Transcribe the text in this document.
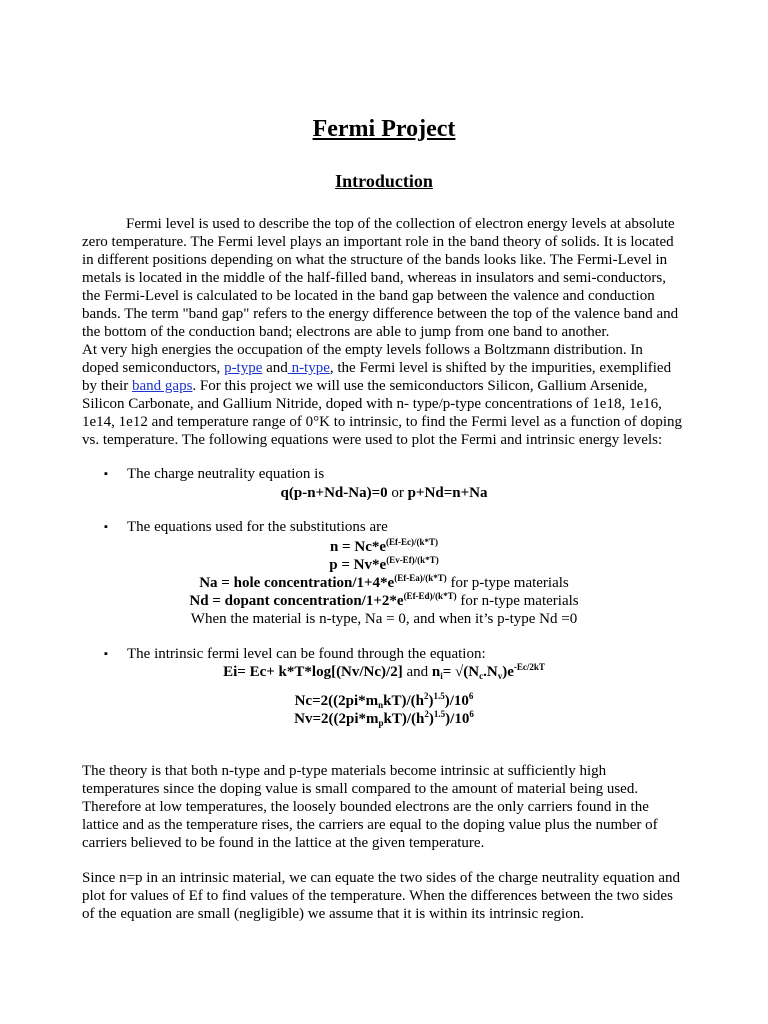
Fermi Project
Introduction

Fermi level is used to describe the top of the collection of electron energy levels at absolute

zero temperature. The Fermi level plays an important role in the band theory of solids. It is located

in different positions depending on what the structure of the bands looks like. The Fermi-Level in

metals is located in the middle of the half-filled band, whereas in insulators and semi-conductors,

the Fermi-Level is calculated to be located in the band gap between the valence and conduction

bands. The term "band gap" refers to the energy difference between the top of the valence band and

the bottom of the conduction band; electrons are able to jump from one band to another.

At very high energies the occupation of the empty levels follows a Boltzmann distribution. In

doped semiconductors, p-type and n-type, the Fermi level is shifted by the impurities, exemplified

by their band gaps. For this project we will use the semiconductors Silicon, Gallium Arsenide,

Silicon Carbonate, and Gallium Nitride, doped with n- type/p-type concentrations of 1e18, 1e16,

1e14, 1e12 and temperature range of 0°K to intrinsic, to find the Fermi level as a function of doping

vs. temperature. The following equations were used to plot the Fermi and intrinsic energy levels:

▪ The charge neutrality equation is

q(p-n+Nd-Na)=0 or p+Nd=n+Na

▪ The equations used for the substitutions are

$n = Nc*e^{(Ef-Ec)/(k*T)}$

$p = Nv*e^{(Ev-Ef)/(k*T)}$

Na = hole concentration/$1+4*e^{(Ef-Ea)/(k*T)}$ for p-type materials

Nd = dopant concentration/$1+2*e^{(Ef-Ed)/(k*T)}$ for n-type materials

When the material is n-type, Na = 0, and when it’s p-type Nd =0

▪ The intrinsic fermi level can be found through the equation:

Ei= Ec+ k*T*log[(Nv/Nc)/2] and $n_i= √(N_c.N_v)e^{-Ec/2kT}$

$Nc=2((2pi*m_nkT)/(h^2)^{1.5})/10^6$

$Nv=2((2pi*m_pkT)/(h^2)^{1.5})/10^6$

The theory is that both n-type and p-type materials become intrinsic at sufficiently high

temperatures since the doping value is small compared to the amount of material being used.

Therefore at low temperatures, the loosely bounded electrons are the only carriers found in the

lattice and as the temperature rises, the carriers are equal to the doping value plus the number of

carriers believed to be found in the lattice at the given temperature.

Since n=p in an intrinsic material, we can equate the two sides of the charge neutrality equation and

plot for values of Ef to find values of the temperature. When the differences between the two sides

of the equation are small (negligible) we assume that it is within its intrinsic region.
